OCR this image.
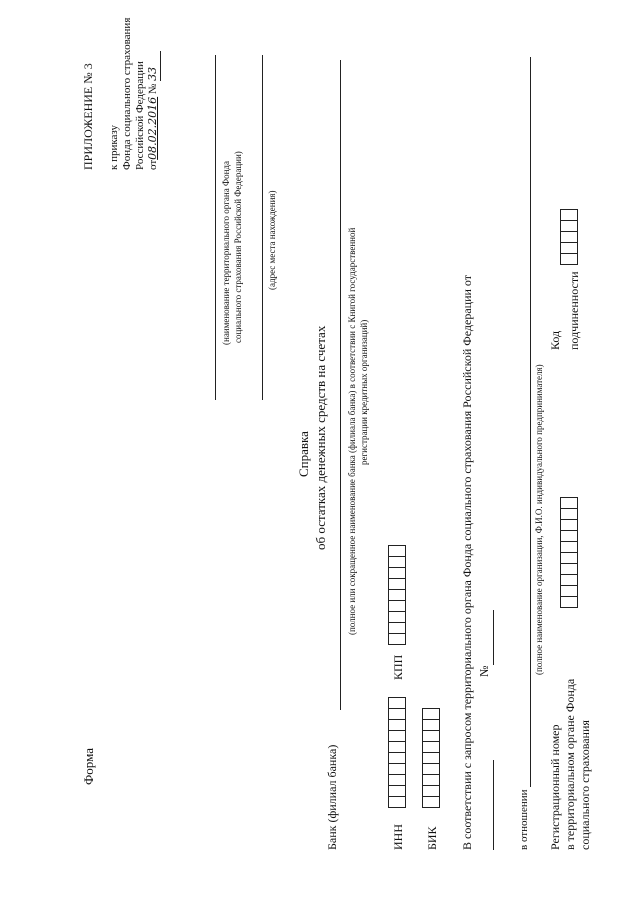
Форма
ПРИЛОЖЕНИЕ № 3 к приказу Фонда социального страхования Российской Федерации от08.02.2016 № 33
(наименование территориального органа Фонда социального страхования Российской Федерации)	(адрес места нахождения)
Справка об остатках денежных средств на счетах
Банк (филиал банка)
(полное или сокращенное наименование банка (филиала банка) в соответствии с Книгой государственной регистрации кредитных организаций)
ИНН
КПП
БИК В соответствии с запросом территориального органа Фонда социального страхования Российской Федерации от №
в отношении
(полное наименование организации, Ф.И.О. индивидуального предпринимателя)
Регистрационный номер в территориальном органе Фонда социального страхования
Код подчиненности
